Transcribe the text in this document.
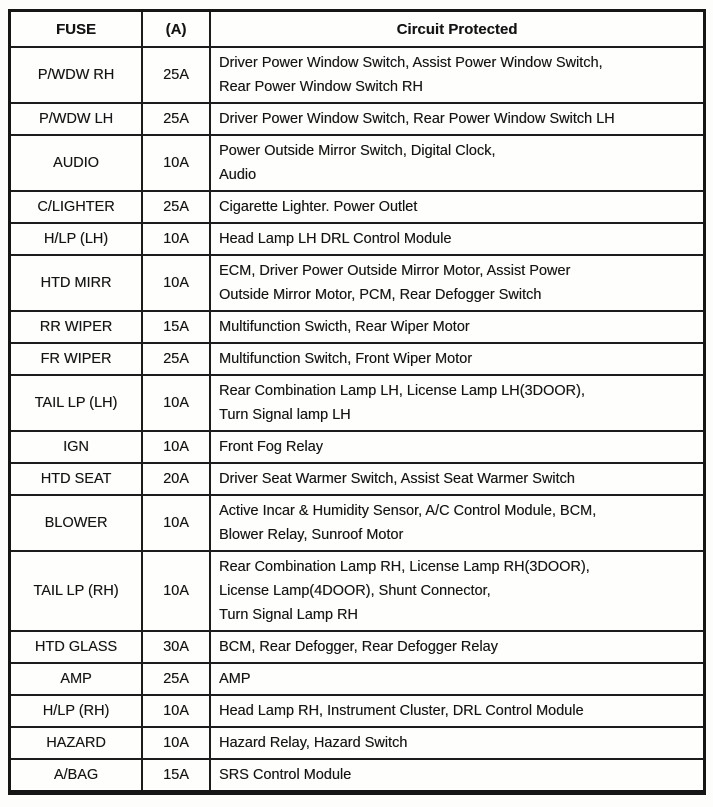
FUSE	(A)	Circuit Protected
P/WDW RH	25A	Driver Power Window Switch, Assist Power Window Switch,
Rear Power Window Switch RH

P/WDW LH	25A	Driver Power Window Switch, Rear Power Window Switch LH

AUDIO	10A	Power Outside Mirror Switch, Digital Clock,
Audio

C/LIGHTER	25A	Cigarette Lighter. Power Outlet

H/LP (LH)	10A	Head Lamp LH DRL Control Module

HTD MIRR	10A	ECM, Driver Power Outside Mirror Motor, Assist Power
Outside Mirror Motor, PCM, Rear Defogger Switch

RR WIPER	15A	Multifunction Swicth, Rear Wiper Motor

FR WIPER	25A	Multifunction Switch, Front Wiper Motor

TAIL LP (LH)	10A	Rear Combination Lamp LH, License Lamp LH(3DOOR),
Turn Signal lamp LH

IGN	10A	Front Fog Relay

HTD SEAT	20A	Driver Seat Warmer Switch, Assist Seat Warmer Switch

BLOWER	10A	Active Incar & Humidity Sensor, A/C Control Module, BCM,
Blower Relay, Sunroof Motor

TAIL LP (RH)	10A	Rear Combination Lamp RH, License Lamp RH(3DOOR),
License Lamp(4DOOR), Shunt Connector,
Turn Signal Lamp RH

HTD GLASS	30A	BCM, Rear Defogger, Rear Defogger Relay

AMP	25A	AMP

H/LP (RH)	10A	Head Lamp RH, Instrument Cluster, DRL Control Module

HAZARD	10A	Hazard Relay, Hazard Switch

A/BAG	15A	SRS Control Module
